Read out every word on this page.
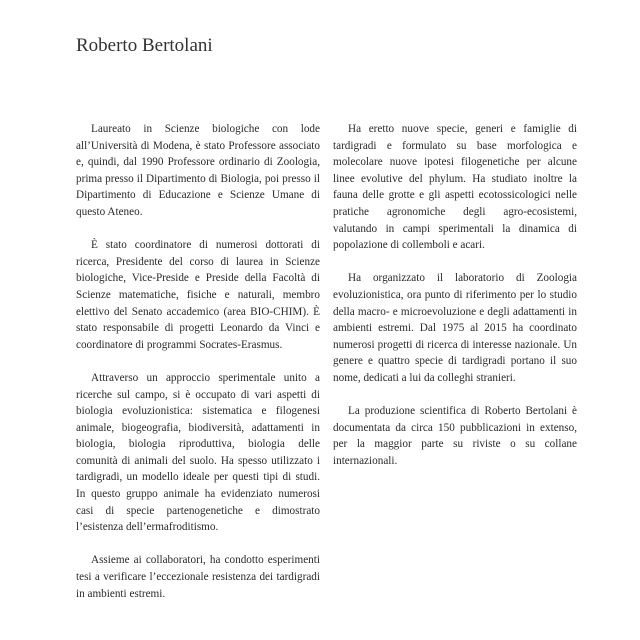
Roberto Bertolani

Laureato in Scienze biologiche con lode all’Università di Modena, è stato Professore associato e, quindi, dal 1990 Professore ordinario di Zoologia, prima presso il Dipartimento di Biologia, poi presso il Dipartimento di Educazione e Scienze Umane di questo Ateneo.

È stato coordinatore di numerosi dottorati di ricerca, Presidente del corso di laurea in Scienze biologiche, Vice-Preside e Preside della Facoltà di Scienze matematiche, fisiche e naturali, membro elettivo del Senato accademico (area BIO-CHIM). È stato responsabile di progetti Leonardo da Vinci e coordinatore di programmi Socrates-Erasmus.

Attraverso un approccio sperimentale unito a ricerche sul campo, si è occupato di vari aspetti di biologia evoluzionistica: sistematica e filogenesi animale, biogeografia, biodiversità, adattamenti in biologia, biologia riproduttiva, biologia delle comunità di animali del suolo. Ha spesso utilizzato i tardigradi, un modello ideale per questi tipi di studi. In questo gruppo animale ha evidenziato numerosi casi di specie partenogenetiche e dimostrato l’esistenza dell’ermafroditismo.

Assieme ai collaboratori, ha condotto esperimenti tesi a verificare l’eccezionale resistenza dei tardigradi in ambienti estremi.

Ha eretto nuove specie, generi e famiglie di tardigradi e formulato su base morfologica e molecolare nuove ipotesi filogenetiche per alcune linee evolutive del phylum. Ha studiato inoltre la fauna delle grotte e gli aspetti ecotossicologici nelle pratiche agronomiche degli agro-ecosistemi, valutando in campi sperimentali la dinamica di popolazione di collemboli e acari.

Ha organizzato il laboratorio di Zoologia evoluzionistica, ora punto di riferimento per lo studio della macro- e microevoluzione e degli adattamenti in ambienti estremi. Dal 1975 al 2015 ha coordinato numerosi progetti di ricerca di interesse nazionale. Un genere e quattro specie di tardigradi portano il suo nome, dedicati a lui da colleghi stranieri.

La produzione scientifica di Roberto Bertolani è documentata da circa 150 pubblicazioni in extenso, per la maggior parte su riviste o su collane internazionali.
